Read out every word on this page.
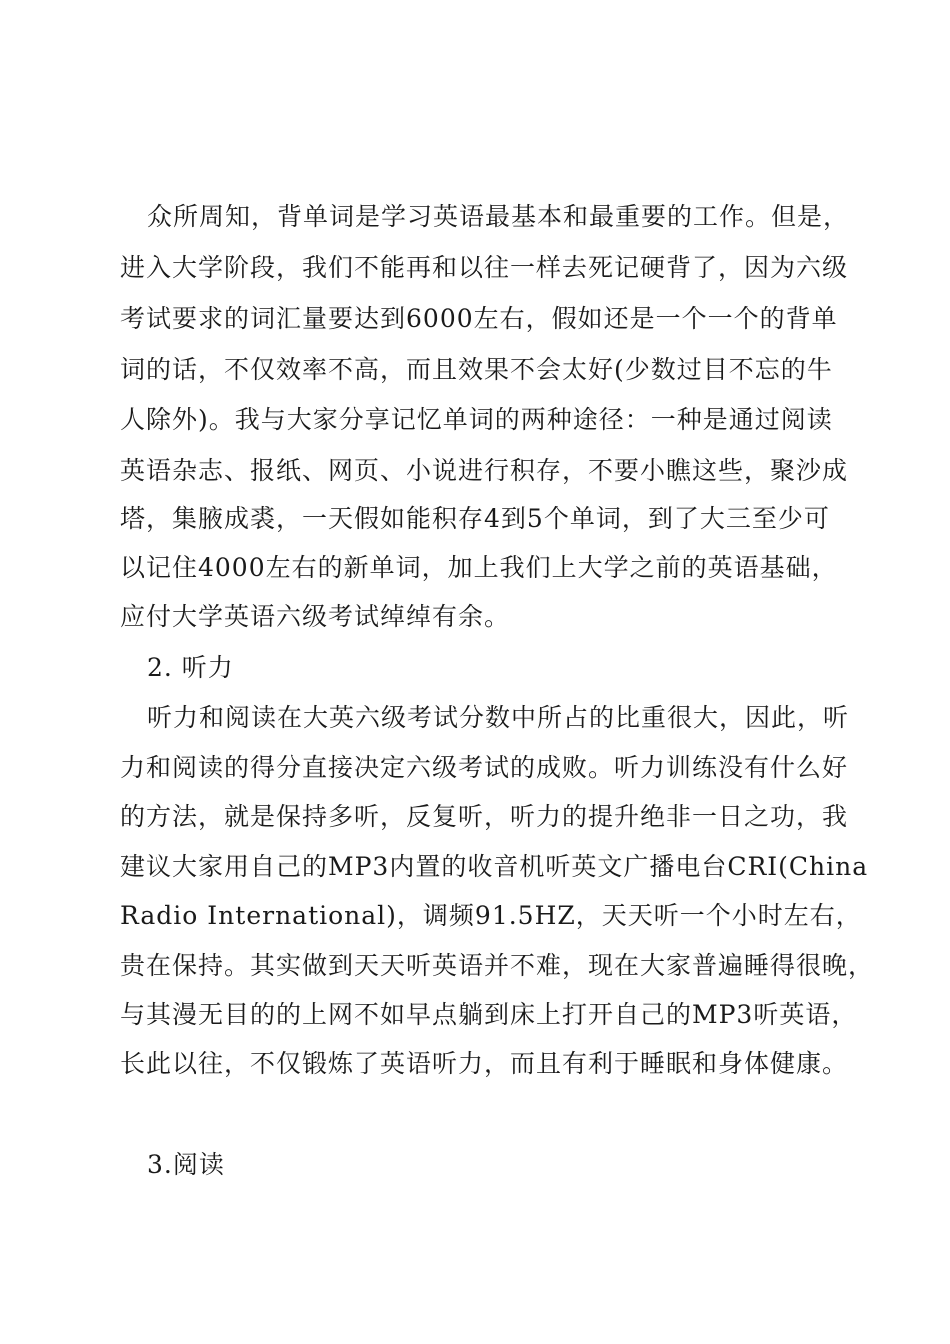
众所周知，背单词是学习英语最基本和最重要的工作。但是，
进入大学阶段，我们不能再和以往一样去死记硬背了，因为六级
考试要求的词汇量要达到6000左右，假如还是一个一个的背单
词的话，不仅效率不高，而且效果不会太好(少数过目不忘的牛
人除外)。我与大家分享记忆单词的两种途径：一种是通过阅读
英语杂志、报纸、网页、小说进行积存，不要小瞧这些，聚沙成
塔，集腋成裘，一天假如能积存4到5个单词，到了大三至少可
以记住4000左右的新单词，加上我们上大学之前的英语基础，
应付大学英语六级考试绰绰有余。
2. 听力
听力和阅读在大英六级考试分数中所占的比重很大，因此，听
力和阅读的得分直接决定六级考试的成败。听力训练没有什么好
的方法，就是保持多听，反复听，听力的提升绝非一日之功，我
建议大家用自己的MP3内置的收音机听英文广播电台CRI(China
Radio International)，调频91.5HZ，天天听一个小时左右，
贵在保持。其实做到天天听英语并不难，现在大家普遍睡得很晚，
与其漫无目的的上网不如早点躺到床上打开自己的MP3听英语，
长此以往，不仅锻炼了英语听力，而且有利于睡眠和身体健康。
3.阅读
